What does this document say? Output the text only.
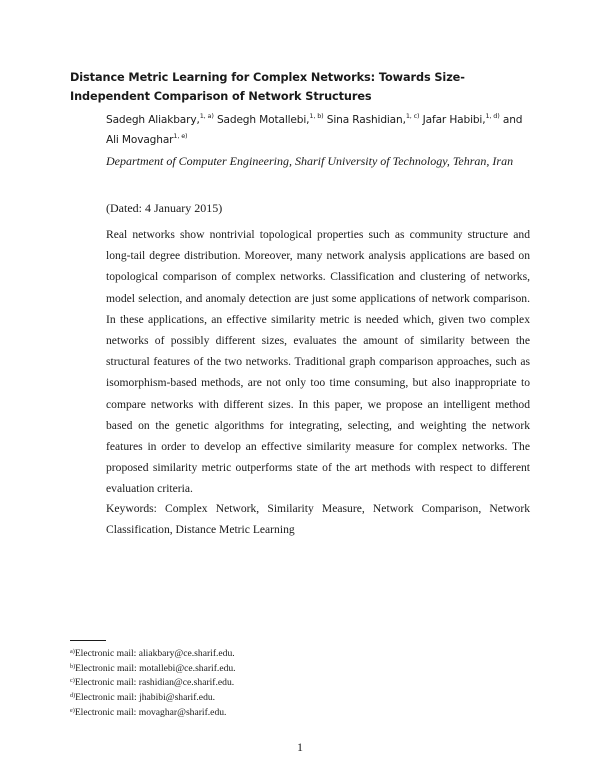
Distance Metric Learning for Complex Networks: Towards Size-Independent Comparison of Network Structures
Sadegh Aliakbary,$^{1, a)}$ Sadegh Motallebi,$^{1, b)}$ Sina Rashidian,$^{1, c)}$ Jafar Habibi,$^{1, d)}$ and Ali Movaghar$^{1, e)}$
Department of Computer Engineering, Sharif University of Technology, Tehran, Iran
(Dated: 4 January 2015)
Real networks show nontrivial topological properties such as community structure and long-tail degree distribution. Moreover, many network analysis applications are based on topological comparison of complex networks. Classification and clustering of networks, model selection, and anomaly detection are just some applications of network comparison. In these applications, an effective similarity metric is needed which, given two complex networks of possibly different sizes, evaluates the amount of similarity between the structural features of the two networks. Traditional graph comparison approaches, such as isomorphism-based methods, are not only too time consuming, but also inappropriate to compare networks with different sizes. In this paper, we propose an intelligent method based on the genetic algorithms for integrating, selecting, and weighting the network features in order to develop an effective similarity measure for complex networks. The proposed similarity metric outperforms state of the art methods with respect to different evaluation criteria.
Keywords: Complex Network, Similarity Measure, Network Comparison, Network Classification, Distance Metric Learning
$^{a)}$Electronic mail: aliakbary@ce.sharif.edu.
$^{b)}$Electronic mail: motallebi@ce.sharif.edu.
$^{c)}$Electronic mail: rashidian@ce.sharif.edu.
$^{d)}$Electronic mail: jhabibi@sharif.edu.
$^{e)}$Electronic mail: movaghar@sharif.edu.
1
